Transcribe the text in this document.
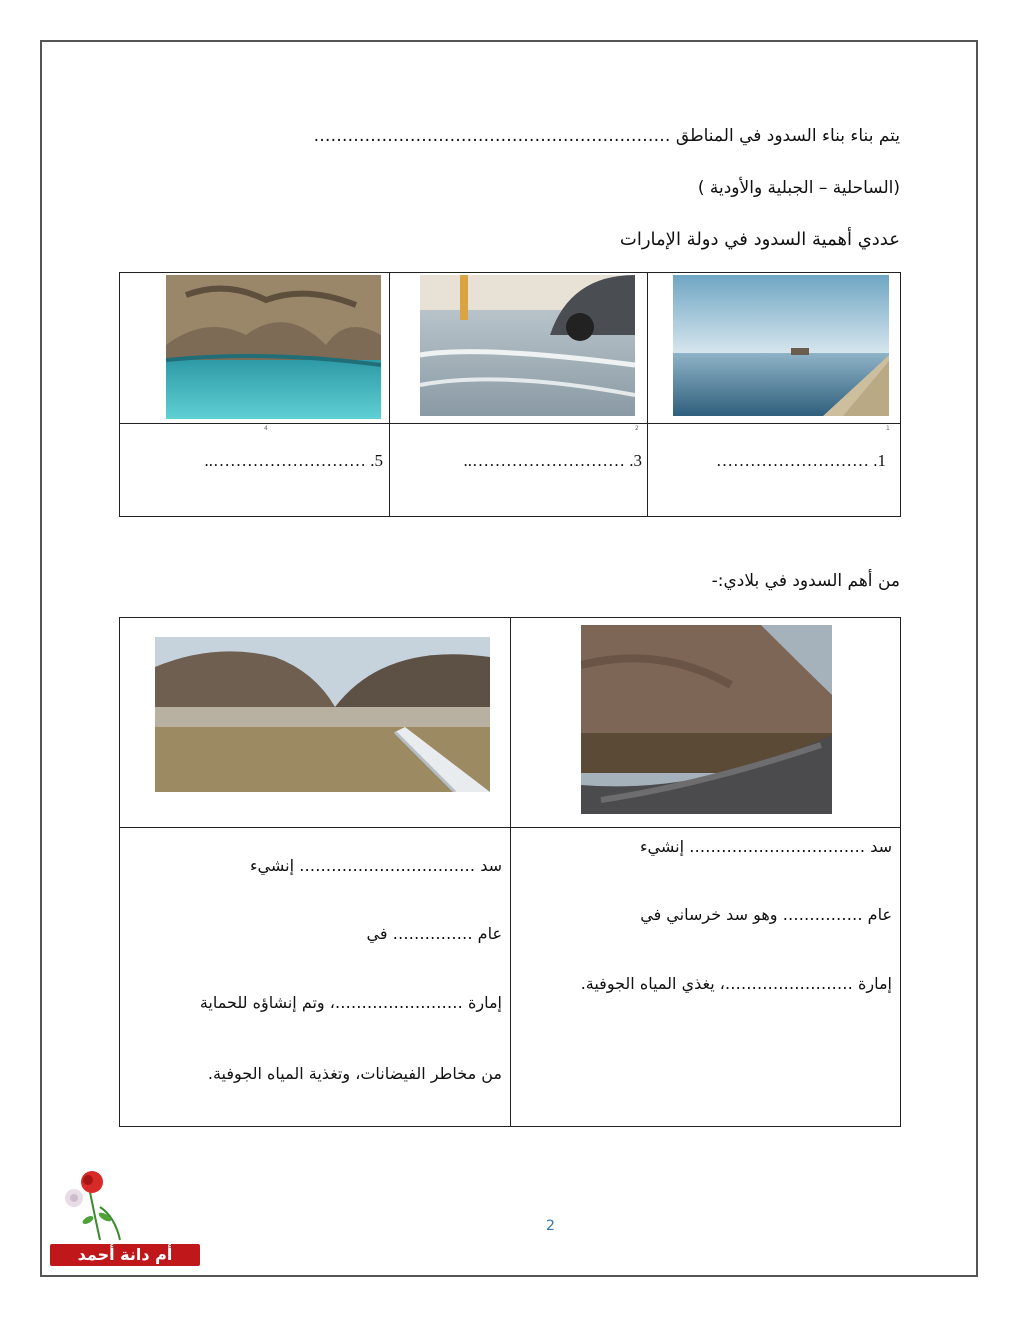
يتم بناء بناء السدود في المناطق ………………………………………………………
(الساحلية – الجبلية والأودية )
عددي أهمية السدود في دولة الإمارات
1
2
4
1. ………………………
3. ………………………..
5. ………………………..
من أهم السدود في بلادي:-
سد …………………………… إنشيء
عام …………… وهو سد خرساني في
إمارة ……………………، يغذي المياه الجوفية.
سد …………………………… إنشيء
عام …………… في
إمارة ……………………، وتم إنشاؤه للحماية
من مخاطر الفيضانات، وتغذية المياه الجوفية.
2
أم دانة أحمد
